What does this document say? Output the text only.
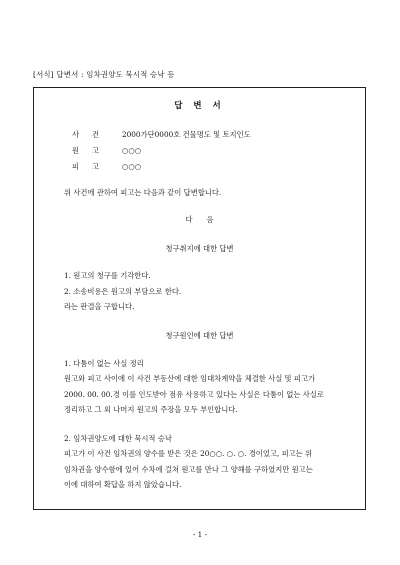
[서식] 답변서 : 임차권양도 묵시적 승낙 등
답 변 서
사 건	2000가단0000호 건물명도 및 토지인도
원 고	○○○
피 고	○○○
위 사건에 관하여 피고는 다음과 같이 답변합니다.
다      음
청구취지에 대한 답변
1. 원고의 청구를 기각한다.
2. 소송비용은 원고의 부담으로 한다.
라는 판결을 구합니다.
청구원인에 대한 답변
1. 다툼이 없는 사실 정리
원고와 피고 사이에 이 사건 부동산에 대한 임대차계약을 체결한 사실 및 피고가
2000. 00. 00.경 이를 인도받아 점유 사용하고 있다는 사실은 다툼이 없는 사실로
정리하고 그 외 나머지 원고의 주장을 모두 부인합니다.
2. 임차권양도에 대한 묵시적 승낙
피고가 이 사건 임차권의 양수를 받은 것은 20○○. ○. ○. 경이었고, 피고는 위
임차권을 양수함에 있어 수차에 걸쳐 원고를 만나 그 양해를 구하였지만 원고는
이에 대하여 확답을 하지 않았습니다.
- 1 -
